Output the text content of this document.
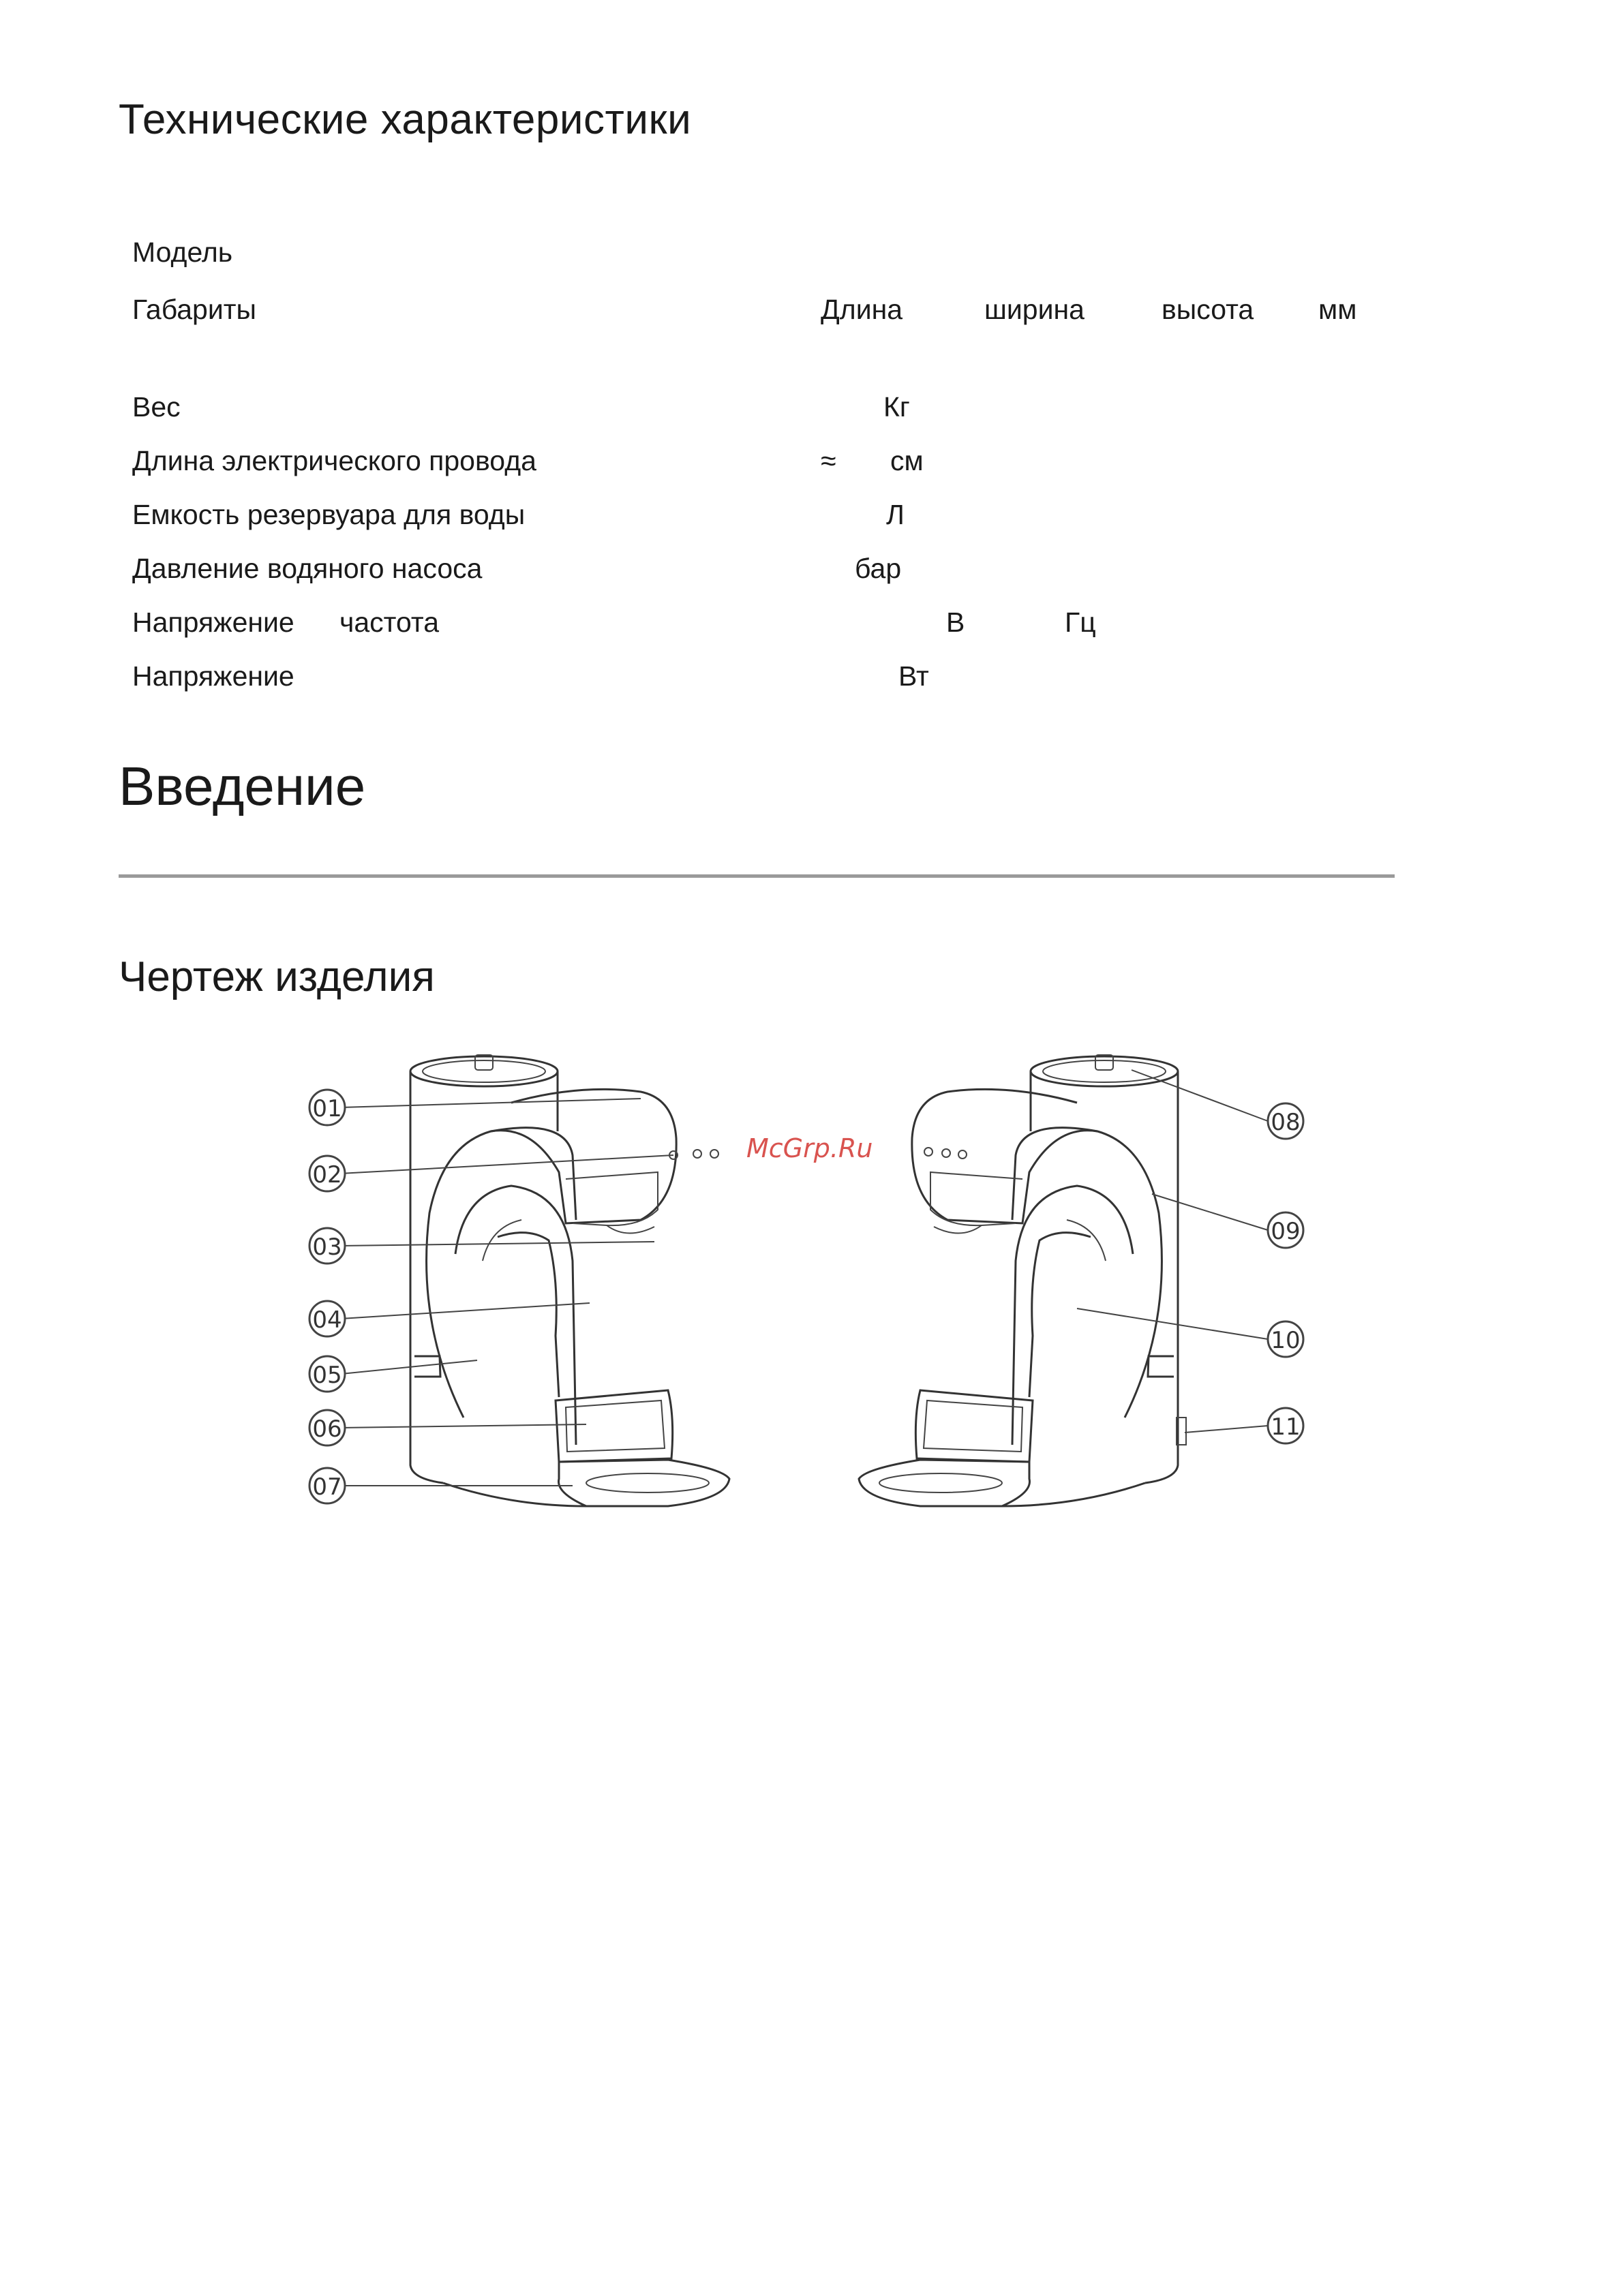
Технические характеристики
Модель
Габариты	Длина	ширина	высота мм
Вес	Кг
Длина электрического провода	≈ см
Емкость резервуара для воды	Л
Давление водяного насоса	бар
Напряжение частота	В	Гц
Напряжение	Вт
Введение
Чертеж изделия
01
02
03
04
05
06
07
08
09
10
11
McGrp.Ru
